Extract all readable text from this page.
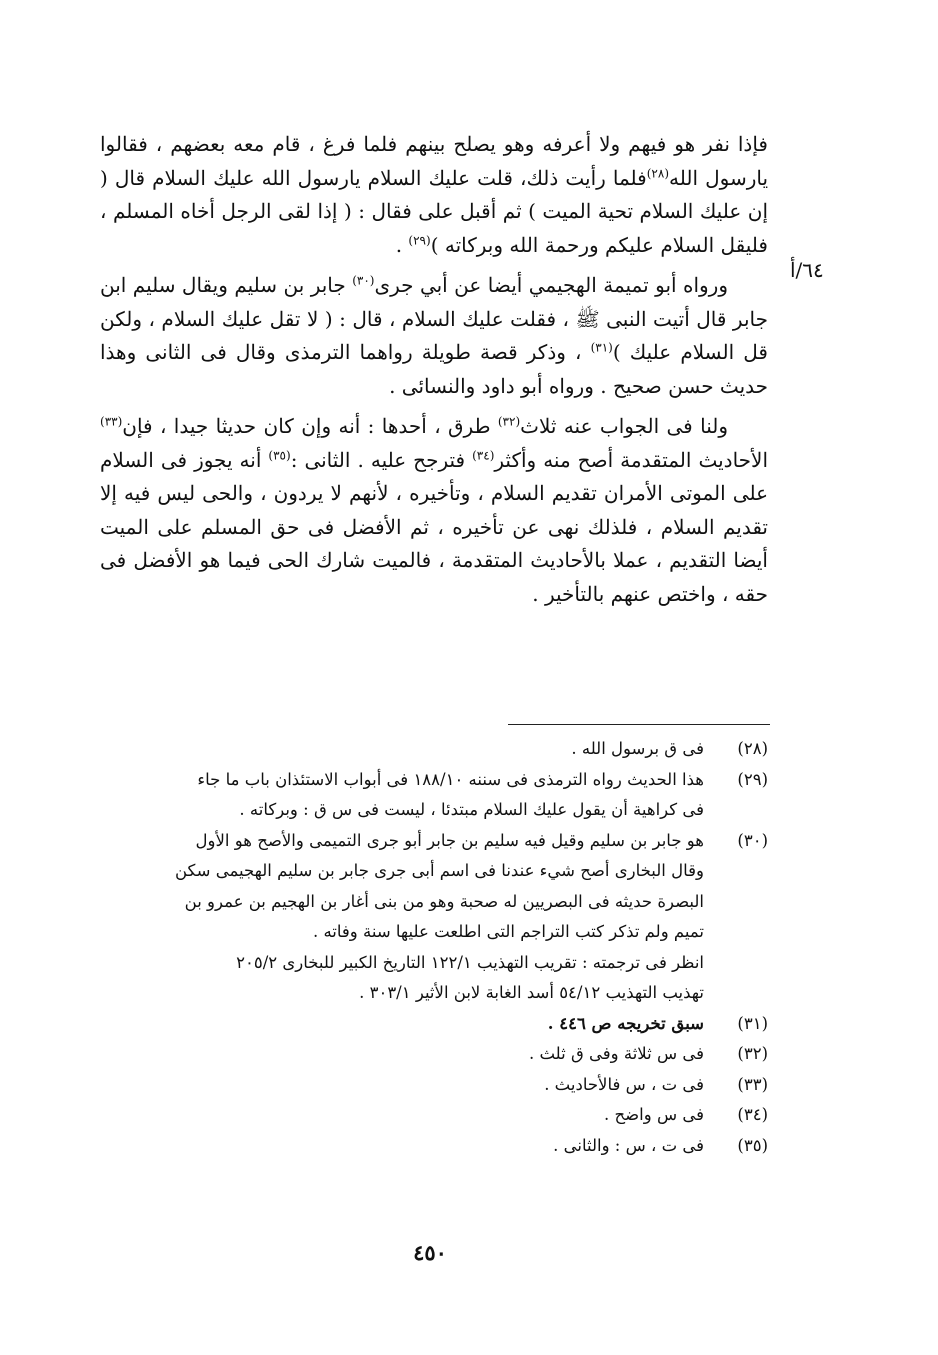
فإذا نفر هو فيهم ولا أعرفه وهو يصلح بينهم فلما فرغ ، قام معه بعضهم ، فقالوا يارسول الله$^{(٢٨)}$فلما رأيت ذلك، قلت عليك السلام يارسول الله عليك السلام قال ( إن عليك السلام تحية الميت ) ثم أقبل على فقال : ( إذا لقى الرجل أخاه المسلم ، فليقل السلام عليكم ورحمة الله وبركاته )$^{(٢٩)}$ .

ورواه أبو تميمة الهجيمي أيضا عن أبي جرى$^{(٣٠)}$ جابر بن سليم ويقال سليم ابن جابر قال أتيت النبى ﷺ ، فقلت عليك السلام ، قال : ( لا تقل عليك السلام ، ولكن قل السلام عليك )$^{(٣١)}$ ، وذكر قصة طويلة رواهما الترمذى وقال فى الثانى وهذا حديث حسن صحيح . ورواه أبو داود والنسائى .

ولنا فى الجواب عنه ثلاث$^{(٣٢)}$ طرق ، أحدها : أنه وإن كان حديثا جيدا ، فإن$^{(٣٣)}$ الأحاديث المتقدمة أصح منه وأكثر$^{(٣٤)}$ فترجح عليه . الثانى :$^{(٣٥)}$ أنه يجوز فى السلام على الموتى الأمران تقديم السلام ، وتأخيره ، لأنهم لا يردون ، والحى ليس فيه إلا تقديم السلام ، فلذلك نهى عن تأخيره ، ثم الأفضل فى حق المسلم على الميت أيضا التقديم ، عملا بالأحاديث المتقدمة ، فالميت شارك الحى فيما هو الأفضل فى حقه ، واختص عنهم بالتأخير .

٦٤/أ
(٢٨)
فى ق برسول الله .
(٢٩)
هذا الحديث رواه الترمذى فى سننه ١٨٨/١٠ فى أبواب الاستئذان باب ما جاء
فى كراهية أن يقول عليك السلام مبتدئا ، ليست فى س ق : وبركاته .
(٣٠)
هو جابر بن سليم وقيل فيه سليم بن جابر أبو جرى التميمى والأصح هو الأول
وقال البخارى أصح شيء عندنا فى اسم أبى جرى جابر بن سليم الهجيمى سكن
البصرة حديثه فى البصريين له صحبة وهو من بنى أغار بن الهجيم بن عمرو بن
تميم ولم تذكر كتب التراجم التى اطلعت عليها سنة وفاته .
انظر فى ترجمته : تقريب التهذيب ١٢٢/١ التاريخ الكبير للبخارى ٢٠٥/٢
تهذيب التهذيب ٥٤/١٢ أسد الغابة لابن الأثير ٣٠٣/١ .
(٣١)
سبق تخريجه ص ٤٤٦ .
(٣٢)
فى س ثلاثة وفى ق ثلث .
(٣٣)
فى ت ، س فالأحاديث .
(٣٤)
فى س واضح .
(٣٥)
فى ت ، س : والثانى .
٤٥٠
